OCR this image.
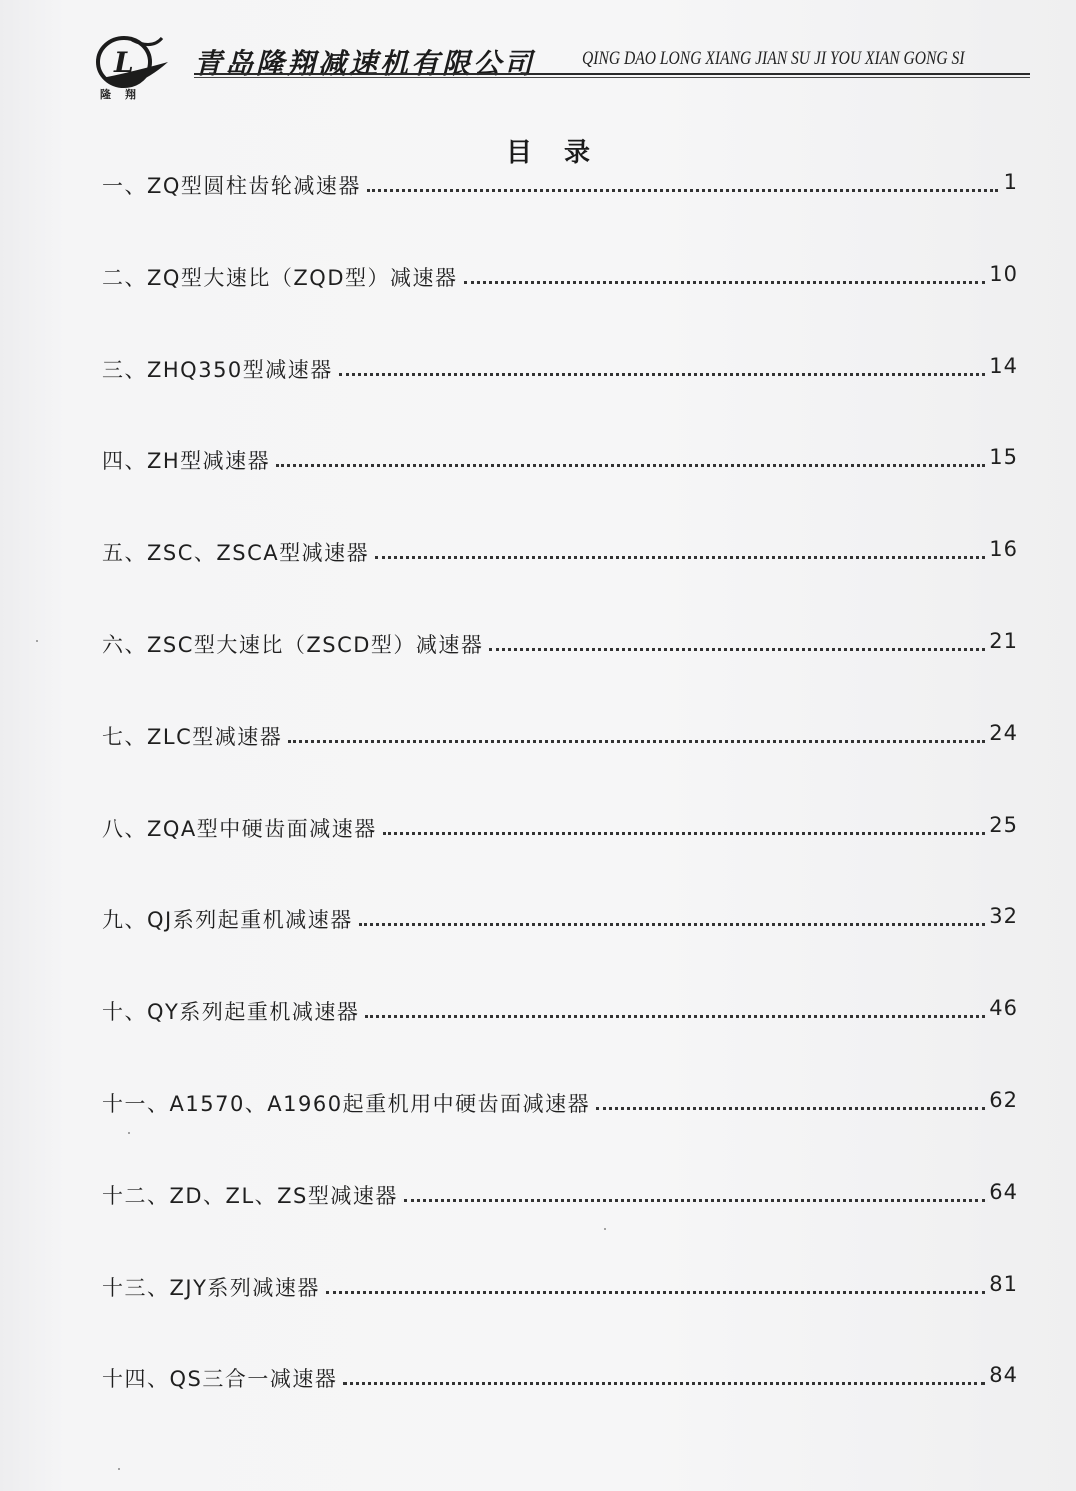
L
隆翔
青岛隆翔减速机有限公司 QING DAO LONG XIANG JIAN SU JI YOU XIAN GONG SI
目录
一、 ZQ型圆柱齿轮减速器	1
二、 ZQ型大速比（ZQD型）减速器	10
三、 ZHQ350型减速器	14
四、 ZH型减速器	15
五、 ZSC、ZSCA型减速器	16
六、 ZSC型大速比（ZSCD型）减速器	21
七、 ZLC型减速器	24
八、 ZQA型中硬齿面减速器	25
九、 QJ系列起重机减速器	32
十、 QY系列起重机减速器	46
十一、 A1570、A1960起重机用中硬齿面减速器	62
十二、 ZD、ZL、ZS型减速器	64
十三、 ZJY系列减速器	81
十四、 QS三合一减速器	84
